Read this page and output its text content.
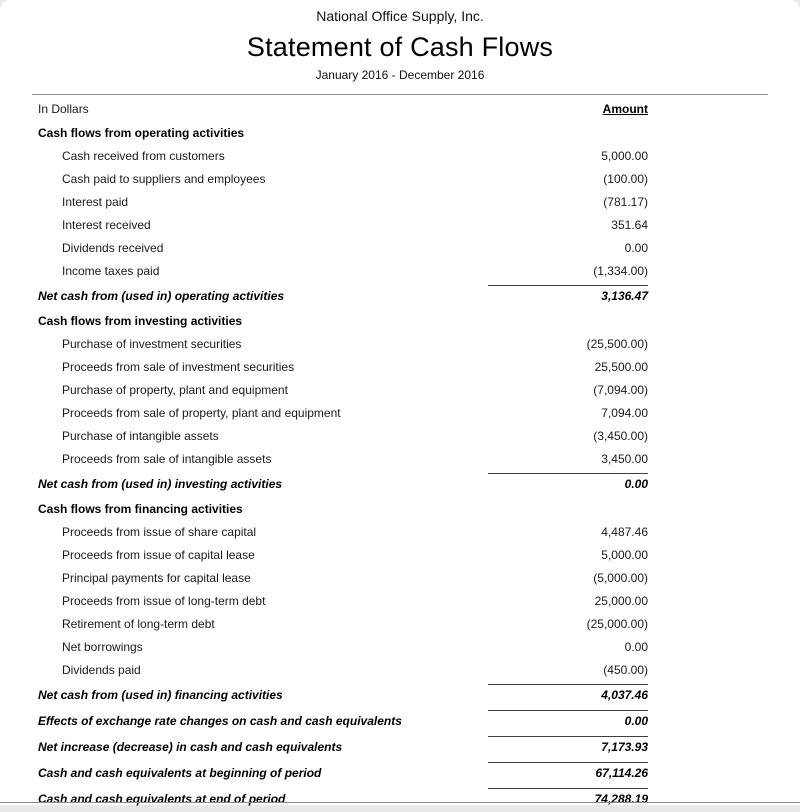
National Office Supply, Inc.
Statement of Cash Flows
January 2016 - December 2016
In Dollars	Amount
Cash flows from operating activities
Cash received from customers	5,000.00
Cash paid to suppliers and employees	(100.00)
Interest paid	(781.17)
Interest received	351.64
Dividends received	0.00
Income taxes paid	(1,334.00)
Net cash from (used in) operating activities	3,136.47
Cash flows from investing activities
Purchase of investment securities	(25,500.00)
Proceeds from sale of investment securities	25,500.00
Purchase of property, plant and equipment	(7,094.00)
Proceeds from sale of property, plant and equipment	7,094.00
Purchase of intangible assets	(3,450.00)
Proceeds from sale of intangible assets	3,450.00
Net cash from (used in) investing activities	0.00
Cash flows from financing activities
Proceeds from issue of share capital	4,487.46
Proceeds from issue of capital lease	5,000.00
Principal payments for capital lease	(5,000.00)
Proceeds from issue of long-term debt	25,000.00
Retirement of long-term debt	(25,000.00)
Net borrowings	0.00
Dividends paid	(450.00)
Net cash from (used in) financing activities	4,037.46
Effects of exchange rate changes on cash and cash equivalents	0.00
Net increase (decrease) in cash and cash equivalents	7,173.93
Cash and cash equivalents at beginning of period	67,114.26
Cash and cash equivalents at end of period	74,288.19
